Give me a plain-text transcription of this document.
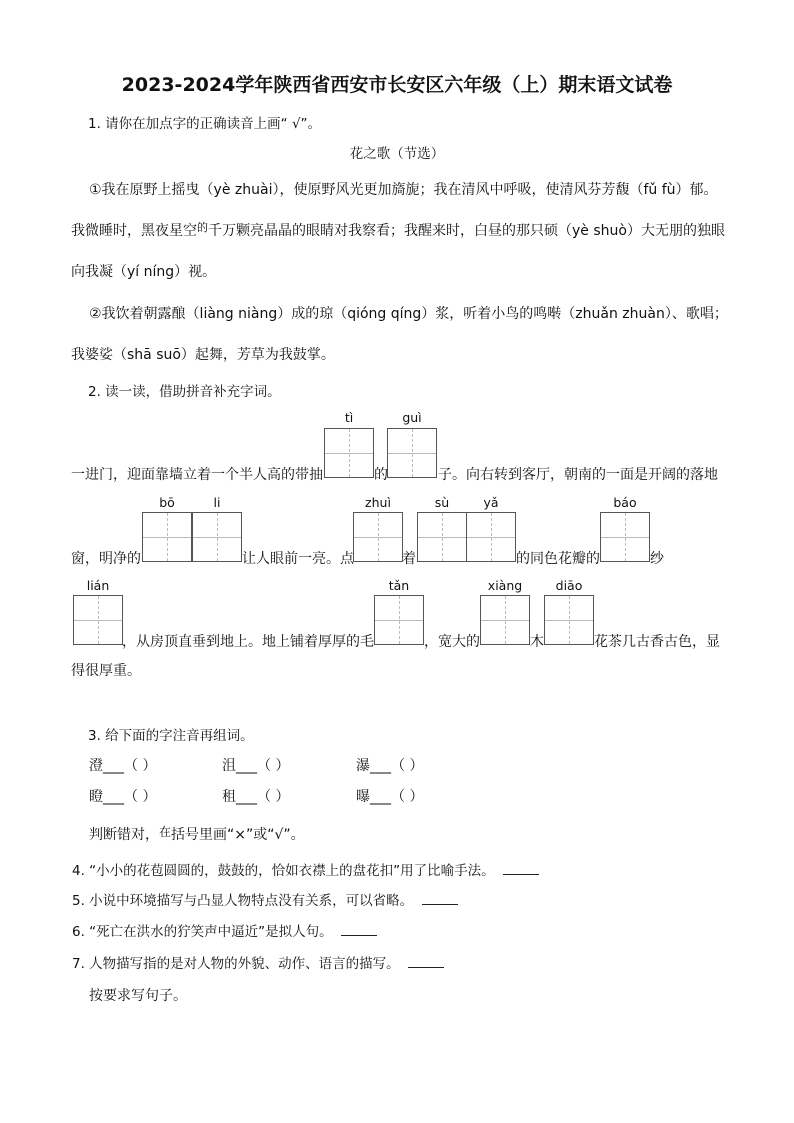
2023-2024学年陕西省西安市长安区六年级（上）期末语文试卷
1. 请你在加点字的正确读音上画“ √”。
花之歌（节选）
①我在原野上摇曳（yè zhuài），使原野风光更加旖旎；我在清风中呼吸，使清风芬芳馥（fǔ fù）郁。
我微睡时，黑夜星空$^的$千万颗亮晶晶的眼睛对我察看；我醒来时，白昼的那只硕（yè shuò）大无朋的独眼
向我凝（yí níng）视。
②我饮着朝露酿（liàng niàng）成的琼（qióng qíng）浆，听着小鸟的鸣啭（zhuǎn zhuàn）、歌唱；
我婆娑（shā suō）起舞，芳草为我鼓掌。
2. 读一读，借助拼音补充字词。
tì	guì
一进门，迎面靠墙立着一个半人高的带抽	的	子。向右转到客厅，朝南的一面是开阔的落地
bō	li	zhuì	sù	yǎ	báo
窗，明净的	让人眼前一亮。点	着	的同色花瓣的	纱
lián	tǎn	xiàng	diāo
，从房顶直垂到地上。地上铺着厚厚的毛	，宽大的	木	花茶几古香古色，显
得很厚重。
3. 给下面的字注音再组词。
澄___（ ）	沮___（ ）	瀑___（ ）
瞪___（ ）	租___（ ）	曝___（ ）
判断错对，在括号里画“×”或“√”。
4. “小小的花苞圆圆的，鼓鼓的，恰如衣襟上的盘花扣”用了比喻手法。
5. 小说中环境描写与凸显人物特点没有关系，可以省略。
6. “死亡在洪水的狞笑声中逼近”是拟人句。
7. 人物描写指的是对人物的外貌、动作、语言的描写。
按要求写句子。
